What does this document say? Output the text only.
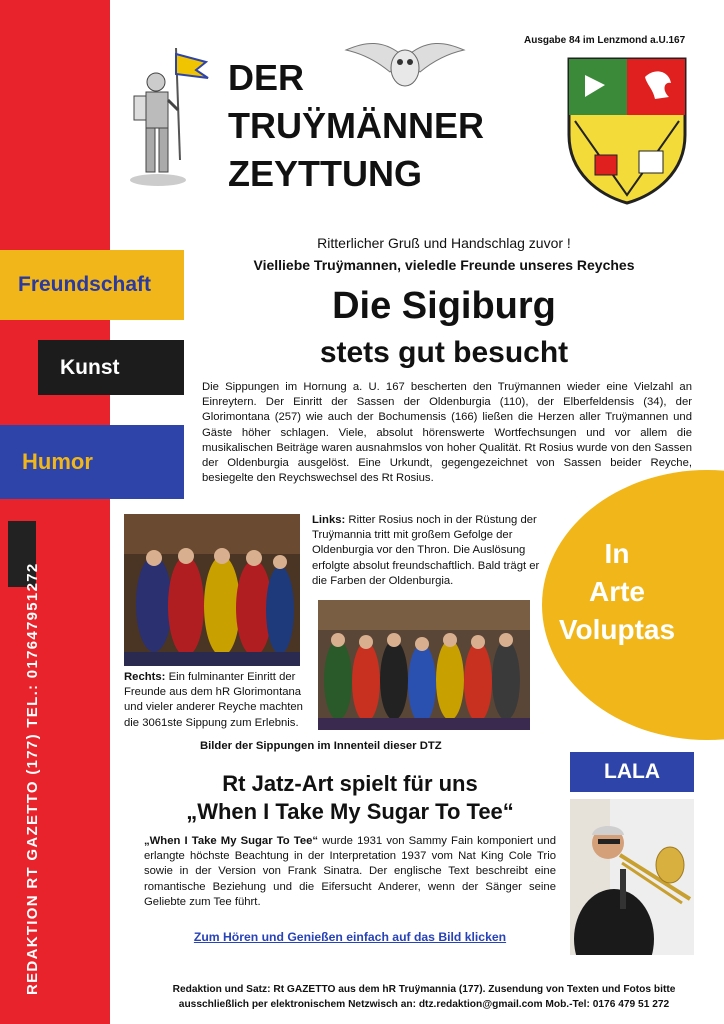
REDAKTION RT GAZETTO (177) TEL.: 017647951272
Freundschaft
Kunst
Humor
DER
TRUŸMÄNNER
ZEYTTUNG
Ausgabe 84 im Lenzmond a.U.167
Ritterlicher Gruß und Handschlag zuvor !
Vielliebe Truÿmannen, vieledle Freunde unseres Reyches
Die Sigiburg
stets gut besucht
Die Sippungen im Hornung a. U. 167 bescherten den Truÿmannen wieder eine Vielzahl an Einreytern. Der Einritt der Sassen der Oldenburgia (110), der Elberfeldensis (34), der Glorimontana (257) wie auch der Bochumensis (166) ließen die Herzen aller Truÿmannen und Gäste höher schlagen. Viele, absolut hörenswerte Wortfechsungen und vor allem die musikalischen Beiträge waren ausnahmslos von hoher Qualität. Rt Rosius wurde von den Sassen der Oldenburgia ausgelöst. Eine Urkundt, gegengezeichnet von Sassen beider Reyche, besiegelte den Reychswechsel des Rt Rosius.
In
Arte
Voluptas
Links: Ritter Rosius noch in der Rüstung der Truÿmannia tritt mit großem Gefolge der Oldenburgia vor den Thron. Die Auslösung erfolgte absolut freundschaftlich. Bald trägt er die Farben der Oldenburgia.
Rechts: Ein fulminanter Einritt der Freunde aus dem hR Glorimontana und vieler anderer Reyche machten die 3061ste Sippung zum Erlebnis.
Bilder der Sippungen im Innenteil dieser DTZ
LALA
Rt Jatz-Art spielt für uns
„When I Take My Sugar To Tee“
„When I Take My Sugar To Tee“ wurde 1931 von Sammy Fain komponiert und erlangte höchste Beachtung in der Interpretation 1937 vom Nat King Cole Trio sowie in der Version von Frank Sinatra. Der englische Text beschreibt eine romantische Beziehung und die Eifersucht Anderer, wenn der Sänger seine Geliebte zum Tee führt.
Zum Hören und Genießen einfach auf das Bild klicken
Redaktion und Satz: Rt GAZETTO aus dem hR Truÿmannia (177). Zusendung von Texten und Fotos bitte
ausschließlich per elektronischem Netzwisch an: dtz.redaktion@gmail.com Mob.-Tel: 0176 479 51 272
